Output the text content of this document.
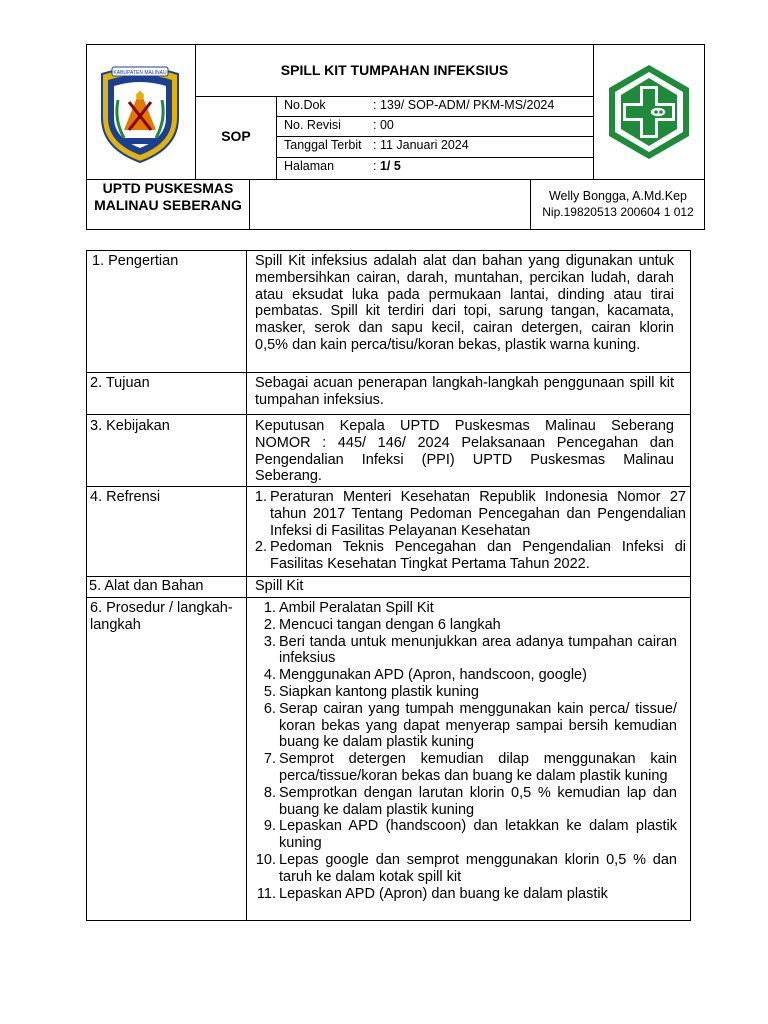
KABUPATEN MALINAU	SPILL KIT TUMPAHAN INFEKSIUS
SOP
No.Dok	: 139/ SOP-ADM/ PKM-MS/2024
No. Revisi	: 00
Tanggal Terbit : 11 Januari 2024
Halaman	: 1/ 5
UPTD PUSKESMAS MALINAU SEBERANG
Welly Bongga, A.Md.Kep
Nip.19820513 200604 1 012
1. Pengertian	Spill Kit infeksius adalah alat dan bahan yang digunakan untuk membersihkan cairan, darah, muntahan, percikan ludah, darah atau eksudat luka pada permukaan lantai, dinding atau tirai pembatas. Spill kit terdiri dari topi, sarung tangan, kacamata, masker, serok dan sapu kecil, cairan detergen, cairan klorin 0,5% dan kain perca/tisu/koran bekas, plastik warna kuning.
2. Tujuan	Sebagai acuan penerapan langkah-langkah penggunaan spill kit tumpahan infeksius.
3. Kebijakan	Keputusan Kepala UPTD Puskesmas Malinau Seberang NOMOR : 445/ 146/ 2024 Pelaksanaan Pencegahan dan Pengendalian Infeksi (PPI) UPTD Puskesmas Malinau Seberang.
4. Refrensi	1. Peraturan Menteri Kesehatan Republik Indonesia Nomor 27 tahun 2017 Tentang Pedoman Pencegahan dan Pengendalian Infeksi di Fasilitas Pelayanan Kesehatan
2. Pedoman Teknis Pencegahan dan Pengendalian Infeksi di Fasilitas Kesehatan Tingkat Pertama Tahun 2022.
5. Alat dan Bahan	Spill Kit
6. Prosedur / langkah-langkah
1. Ambil Peralatan Spill Kit
2. Mencuci tangan dengan 6 langkah
3. Beri tanda untuk menunjukkan area adanya tumpahan cairan infeksius
4. Menggunakan APD (Apron, handscoon, google)
5. Siapkan kantong plastik kuning
6. Serap cairan yang tumpah menggunakan kain perca/ tissue/ koran bekas yang dapat menyerap sampai bersih kemudian buang ke dalam plastik kuning
7. Semprot detergen kemudian dilap menggunakan kain perca/tissue/koran bekas dan buang ke dalam plastik kuning
8. Semprotkan dengan larutan klorin 0,5 % kemudian lap dan buang ke dalam plastik kuning
9. Lepaskan APD (handscoon) dan letakkan ke dalam plastik kuning
10. Lepas google dan semprot menggunakan klorin 0,5 % dan taruh ke dalam kotak spill kit
11. Lepaskan APD (Apron) dan buang ke dalam plastik
